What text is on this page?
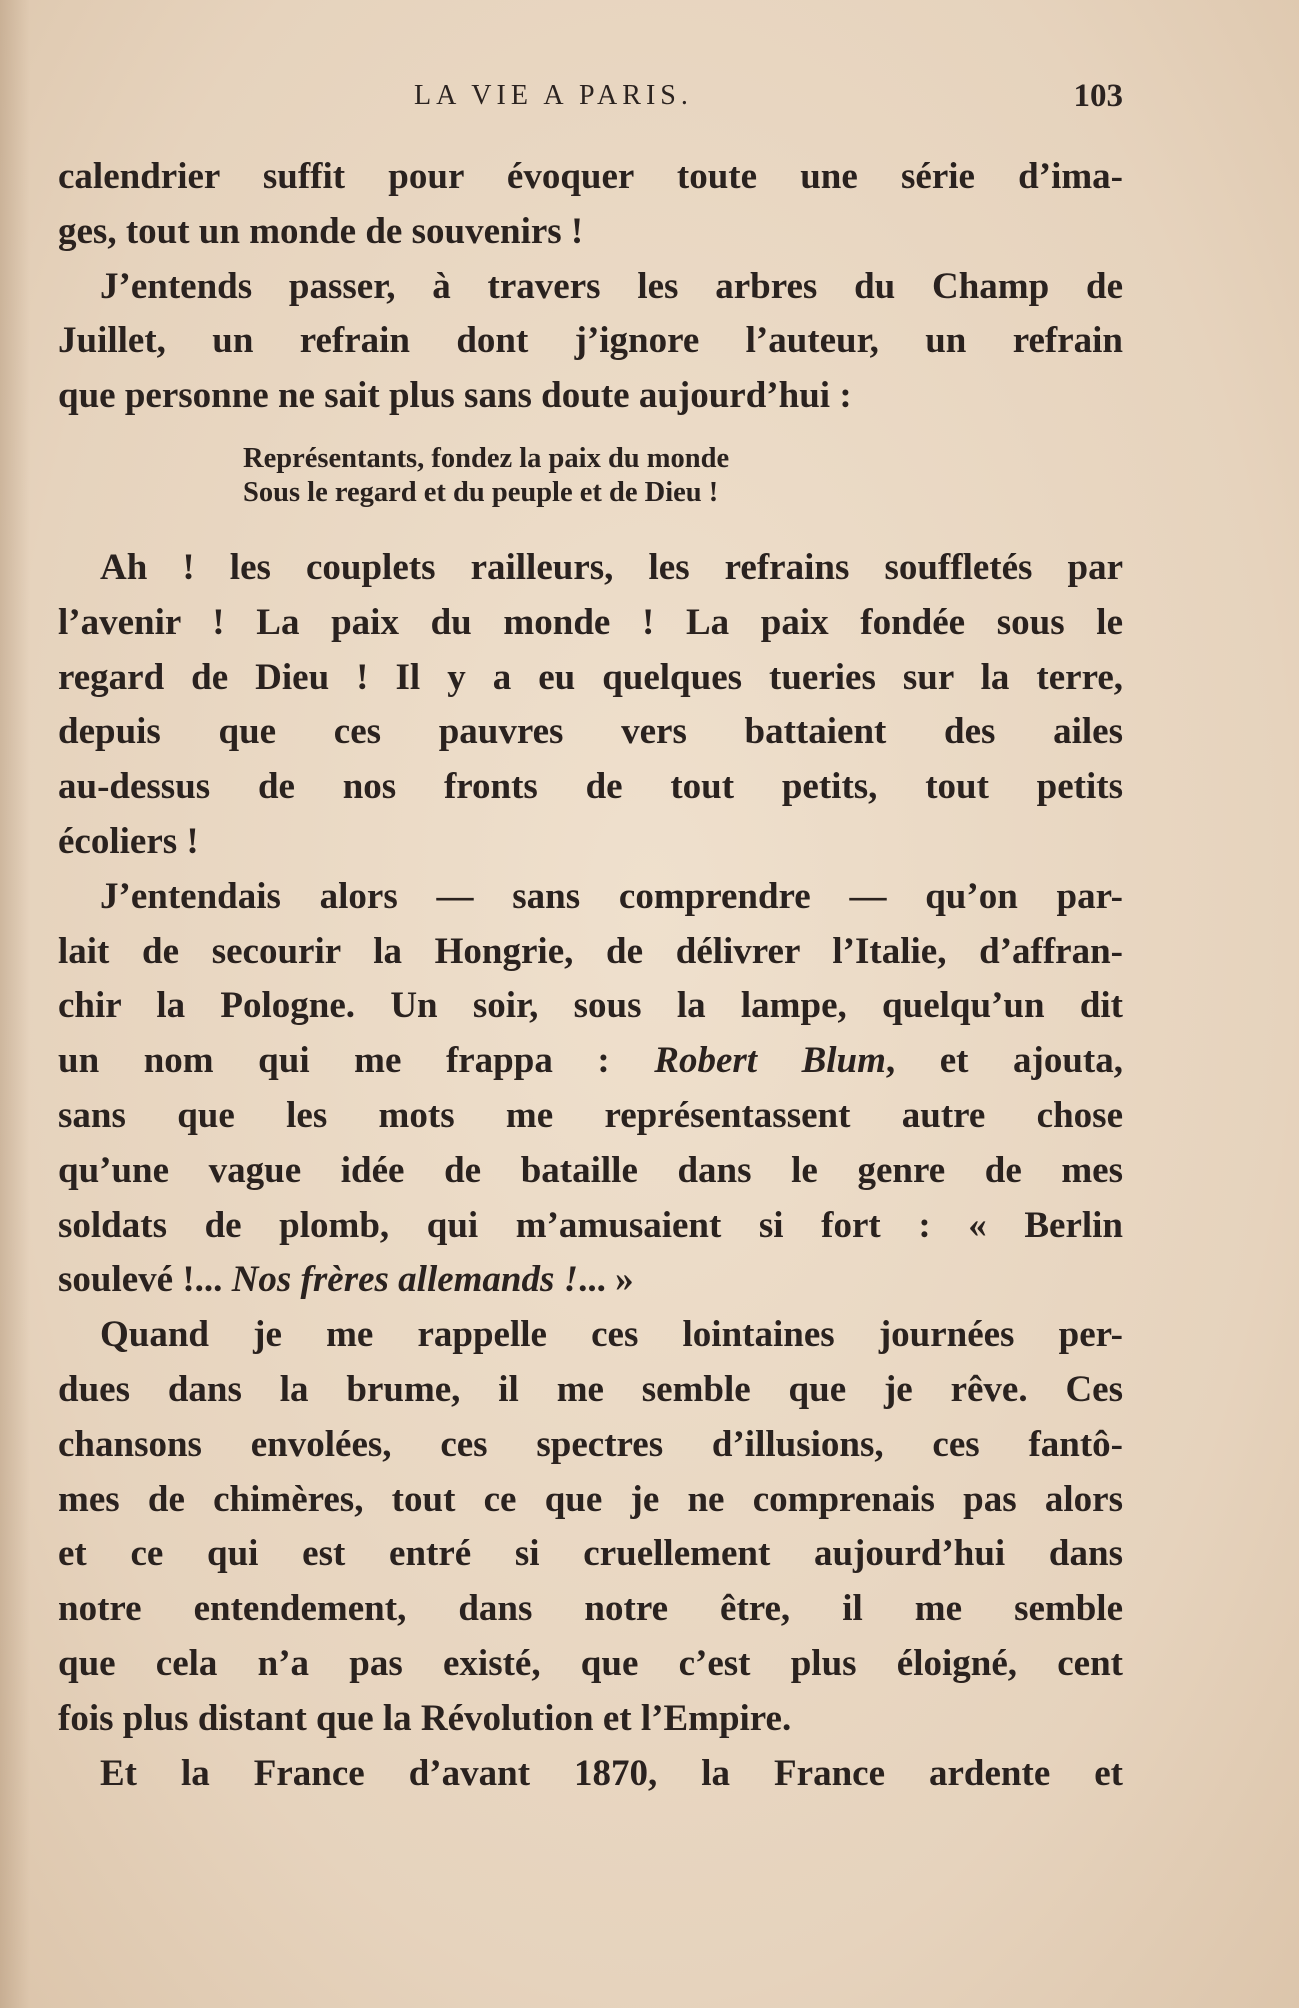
LA VIE A PARIS.	103
calendrier suffit pour évoquer toute une série d’ima-
ges, tout un monde de souvenirs !
J’entends passer, à travers les arbres du Champ de
Juillet, un refrain dont j’ignore l’auteur, un refrain
que personne ne sait plus sans doute aujourd’hui :
Représentants, fondez la paix du monde
Sous le regard et du peuple et de Dieu !
Ah ! les couplets railleurs, les refrains souffletés par
l’avenir ! La paix du monde ! La paix fondée sous le
regard de Dieu ! Il y a eu quelques tueries sur la terre,
depuis que ces pauvres vers battaient des ailes
au-dessus de nos fronts de tout petits, tout petits
écoliers !
J’entendais alors — sans comprendre — qu’on par-
lait de secourir la Hongrie, de délivrer l’Italie, d’affran-
chir la Pologne. Un soir, sous la lampe, quelqu’un dit
un nom qui me frappa : Robert Blum, et ajouta,
sans que les mots me représentassent autre chose
qu’une vague idée de bataille dans le genre de mes
soldats de plomb, qui m’amusaient si fort : « Berlin
soulevé !... Nos frères allemands !... »
Quand je me rappelle ces lointaines journées per-
dues dans la brume, il me semble que je rêve. Ces
chansons envolées, ces spectres d’illusions, ces fantô-
mes de chimères, tout ce que je ne comprenais pas alors
et ce qui est entré si cruellement aujourd’hui dans
notre entendement, dans notre être, il me semble
que cela n’a pas existé, que c’est plus éloigné, cent
fois plus distant que la Révolution et l’Empire.
Et la France d’avant 1870, la France ardente et
